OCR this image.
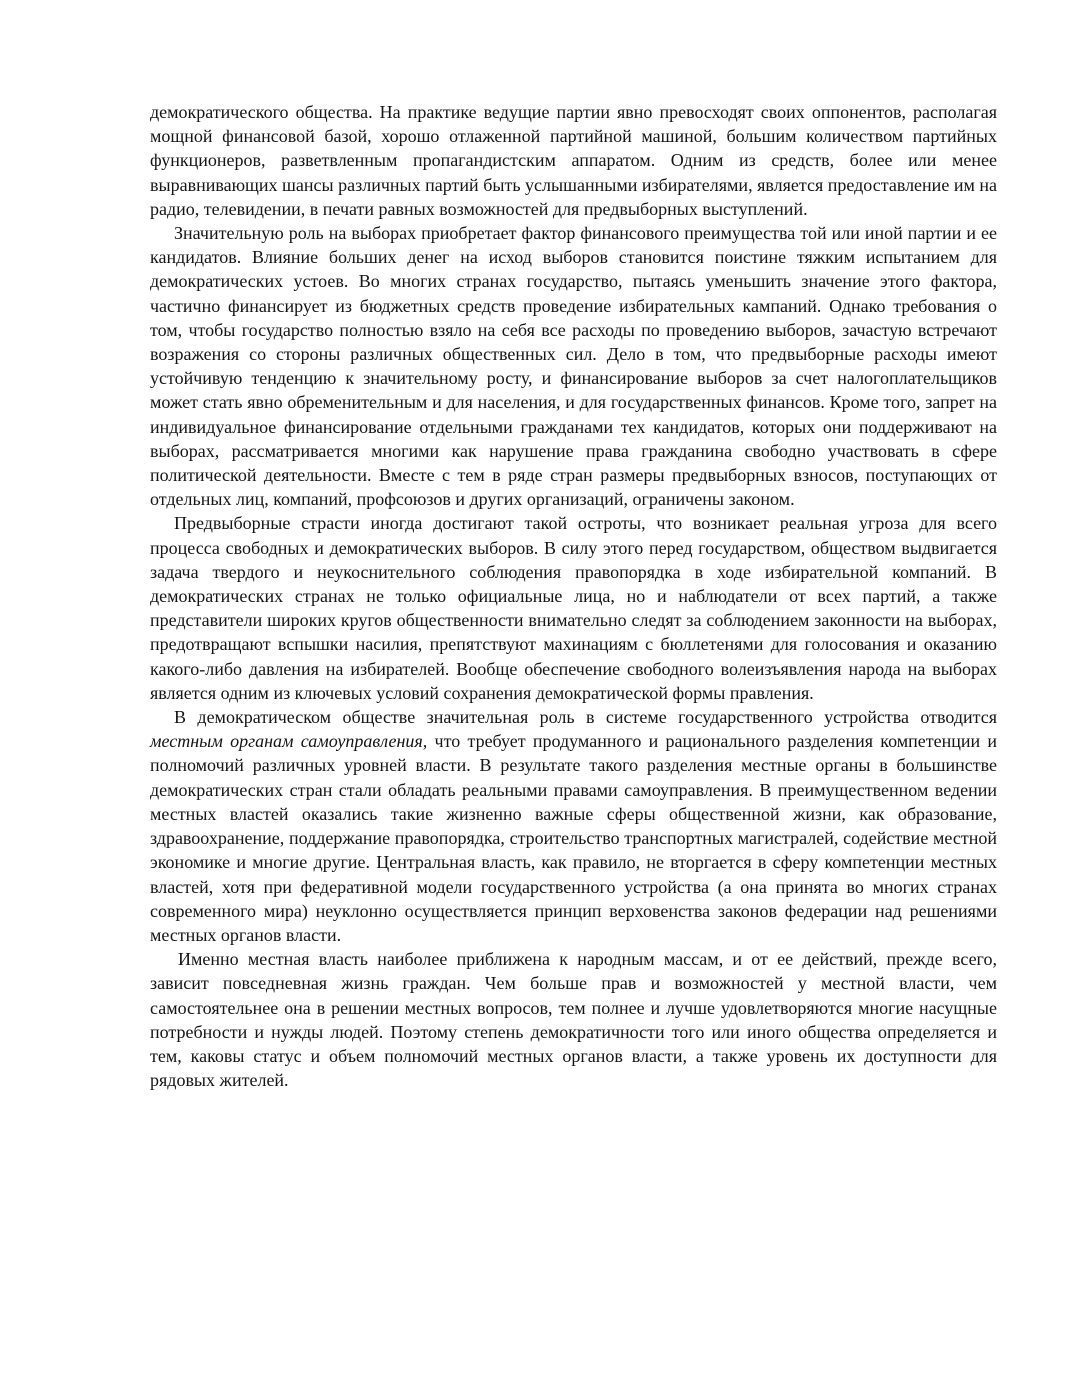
демократического общества. На практике ведущие партии явно превосходят своих оппонентов, располагая мощной финансовой базой, хорошо отлаженной партийной машиной, большим количеством партийных функционеров, разветвленным пропагандистским аппаратом. Одним из средств, более или менее выравнивающих шансы различных партий быть услышанными избирателями, является предоставление им на радио, телевидении, в печати равных возможностей для предвыборных выступлений.

Значительную роль на выборах приобретает фактор финансового преимущества той или иной партии и ее кандидатов. Влияние больших денег на исход выборов становится поистине тяжким испытанием для демократических устоев. Во многих странах государство, пытаясь уменьшить значение этого фактора, частично финансирует из бюджетных средств проведение избирательных кампаний. Однако требования о том, чтобы государство полностью взяло на себя все расходы по проведению выборов, зачастую встречают возражения со стороны различных общественных сил. Дело в том, что предвыборные расходы имеют устойчивую тенденцию к значительному росту, и финансирование выборов за счет налогоплательщиков может стать явно обременительным и для населения, и для государственных финансов. Кроме того, запрет на индивидуальное финансирование отдельными гражданами тех кандидатов, которых они поддерживают на выборах, рассматривается многими как нарушение права гражданина свободно участвовать в сфере политической деятельности. Вместе с тем в ряде стран размеры предвыборных взносов, поступающих от отдельных лиц, компаний, профсоюзов и других организаций, ограничены законом.

Предвыборные страсти иногда достигают такой остроты, что возникает реальная угроза для всего процесса свободных и демократических выборов. В силу этого перед государством, обществом выдвигается задача твердого и неукоснительного соблюдения правопорядка в ходе избирательной компаний. В демократических странах не только официальные лица, но и наблюдатели от всех партий, а также представители широких кругов общественности внимательно следят за соблюдением законности на выборах, предотвращают вспышки насилия, препятствуют махинациям с бюллетенями для голосования и оказанию какого-либо давления на избирателей. Вообще обеспечение свободного волеизъявления народа на выборах является одним из ключевых условий сохранения демократической формы правления.

В демократическом обществе значительная роль в системе государственного устройства отводится местным органам самоуправления, что требует продуманного и рационального разделения компетенции и полномочий различных уровней власти. В результате такого разделения местные органы в большинстве демократических стран стали обладать реальными правами самоуправления. В преимущественном ведении местных властей оказались такие жизненно важные сферы общественной жизни, как образование, здравоохранение, поддержание правопорядка, строительство транспортных магистралей, содействие местной экономике и многие другие. Центральная власть, как правило, не вторгается в сферу компетенции местных властей, хотя при федеративной модели государственного устройства (а она принята во многих странах современного мира) неуклонно осуществляется принцип верховенства законов федерации над решениями местных органов власти.

Именно местная власть наиболее приближена к народным массам, и от ее действий, прежде всего, зависит повседневная жизнь граждан. Чем больше прав и возможностей у местной власти, чем самостоятельнее она в решении местных вопросов, тем полнее и лучше удовлетворяются многие насущные потребности и нужды людей. Поэтому степень демократичности того или иного общества определяется и тем, каковы статус и объем полномочий местных органов власти, а также уровень их доступности для рядовых жителей.
